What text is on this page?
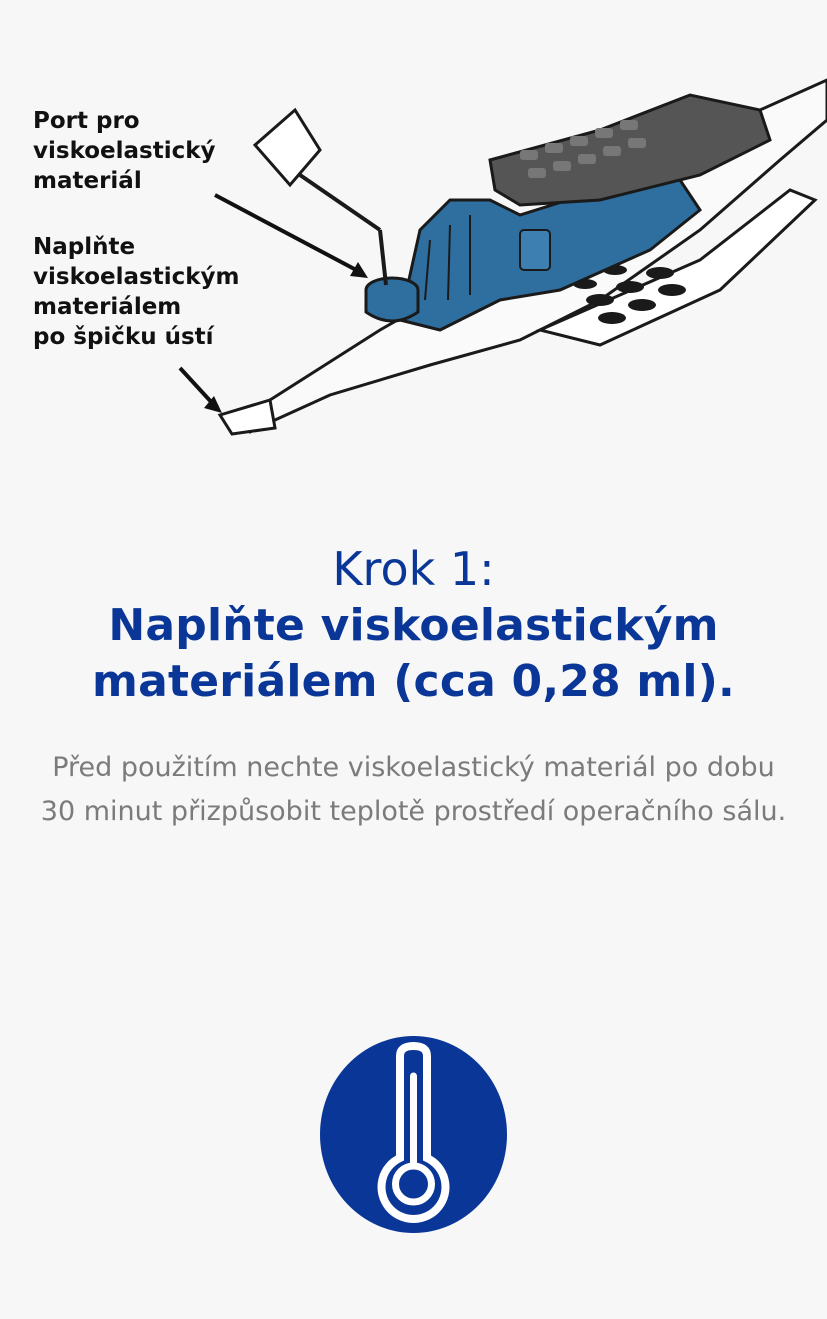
Port pro
viskoelastický
materiál
Naplňte
viskoelastickým
materiálem
po špičku ústí
Krok 1:
Naplňte viskoelastickým
materiálem (cca 0,28 ml).
Před použitím nechte viskoelastický materiál po dobu 30 minut přizpůsobit teplotě prostředí operačního sálu.
